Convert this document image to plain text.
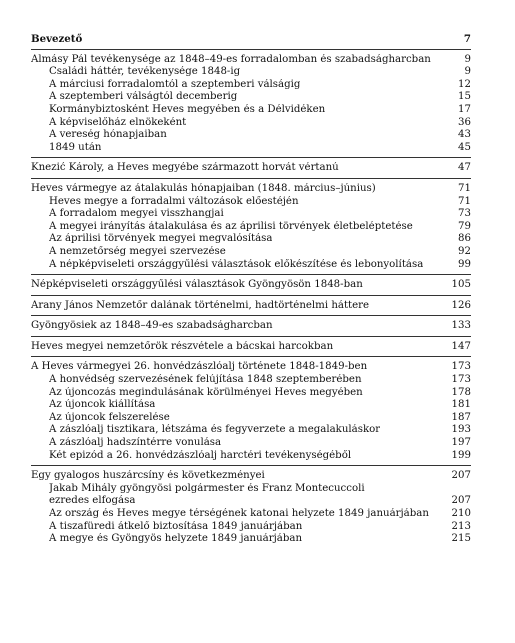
Bevezető	7
Almásy Pál tevékenysége az 1848–49-es forradalomban és szabadságharcban	9
Családi háttér, tevékenysége 1848-ig	9
A márciusi forradalomtól a szeptemberi válságig	12
A szeptemberi válságtól decemberig	15
Kormánybiztosként Heves megyében és a Délvidéken	17
A képviselőház elnökeként	36
A vereség hónapjaiban	43
1849 után	45
Knezić Károly, a Heves megyébe származott horvát vértanú	47
Heves vármegye az átalakulás hónapjaiban (1848. március–június)	71
Heves megye a forradalmi változások előestéjén	71
A forradalom megyei visszhangjai	73
A megyei irányítás átalakulása és az áprilisi törvények életbeléptetése	79
Az áprilisi törvények megyei megvalósítása	86
A nemzetőrség megyei szervezése	92
A népképviseleti országgyűlési választások előkészítése és lebonyolítása	99
Népképviseleti országgyűlési választások Gyöngyösön 1848-ban	105
Arany János Nemzetőr dalának történelmi, hadtörténelmi háttere	126
Gyöngyösiek az 1848–49-es szabadságharcban	133
Heves megyei nemzetőrök részvétele a bácskai harcokban	147
A Heves vármegyei 26. honvédzászlóalj története 1848-1849-ben	173
A honvédség szervezésének felújítása 1848 szeptemberében	173
Az újoncozás megindulásának körülményei Heves megyében	178
Az újoncok kiállítása	181
Az újoncok felszerelése	187
A zászlóalj tisztikara, létszáma és fegyverzete a megalakuláskor	193
A zászlóalj hadszíntérre vonulása	197
Két epizód a 26. honvédzászlóalj harctéri tevékenységéből	199
Egy gyalogos huszárcsíny és következményei	207
Jakab Mihály gyöngyösi polgármester és Franz Montecuccoli
ezredes elfogása	207
Az ország és Heves megye térségének katonai helyzete 1849 januárjában	210
A tiszafüredi átkelő biztosítása 1849 januárjában	213
A megye és Gyöngyös helyzete 1849 januárjában	215
